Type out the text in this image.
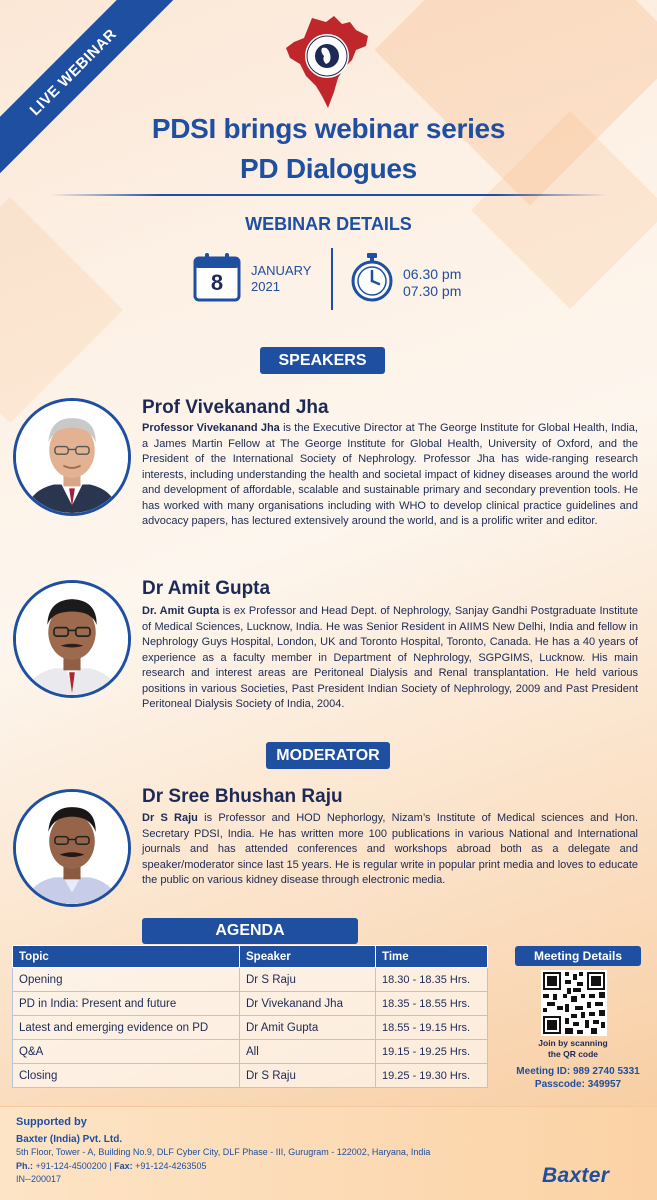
LIVE WEBINAR
PDSI brings webinar series
PD Dialogues
WEBINAR DETAILS
8	JANUARY
2021
06.30 pm
07.30 pm
SPEAKERS
Prof Vivekanand Jha
Professor Vivekanand Jha is the Executive Director at The George Institute for Global Health, India, a James Martin Fellow at The George Institute for Global Health, University of Oxford, and the President of the International Society of Nephrology. Professor Jha has wide-ranging research interests, including understanding the health and societal impact of kidney diseases around the world and development of affordable, scalable and sustainable primary and secondary prevention tools. He has worked with many organisations including with WHO to develop clinical practice guidelines and advocacy papers, has lectured extensively around the world, and is a prolific writer and editor.
Dr Amit Gupta
Dr. Amit Gupta is ex Professor and Head Dept. of Nephrology, Sanjay Gandhi Postgraduate Institute of Medical Sciences, Lucknow, India. He was Senior Resident in AIIMS New Delhi, India and fellow in Nephrology Guys Hospital, London, UK and Toronto Hospital, Toronto, Canada. He has a 40 years of experience as a faculty member in Department of Nephrology, SGPGIMS, Lucknow. His main research and interest areas are Peritoneal Dialysis and Renal transplantation. He held various positions in various Societies, Past President Indian Society of Nephrology, 2009 and Past President Peritoneal Dialysis Society of India, 2004.
MODERATOR
Dr Sree Bhushan Raju
Dr S Raju is Professor and HOD Nephorlogy, Nizam’s Institute of Medical sciences and Hon. Secretary PDSI, India. He has written more 100 publications in various National and International journals and has attended conferences and workshops abroad both as a delegate and speaker/moderator since last 15 years. He is regular write in popular print media and loves to educate the public on various kidney disease through electronic media.
AGENDA
Topic	Speaker	Time
Opening	Dr S Raju	18.30 - 18.35 Hrs.
PD in India: Present and future	Dr Vivekanand Jha	18.35 - 18.55 Hrs.
Latest and emerging evidence on PD	Dr Amit Gupta	18.55 - 19.15 Hrs.
Q&A	All	19.15 - 19.25 Hrs.
Closing	Dr S Raju	19.25 - 19.30 Hrs.
Meeting Details
Join by scanning
the QR code
Meeting ID: 989 2740 5331
Passcode: 349957
Supported by
Baxter (India) Pvt. Ltd.
5th Floor, Tower - A, Building No.9, DLF Cyber City, DLF Phase - III, Gurugram - 122002, Haryana, India
Ph.: +91-124-4500200 | Fax: +91-124-4263505
IN--200017	Baxter
